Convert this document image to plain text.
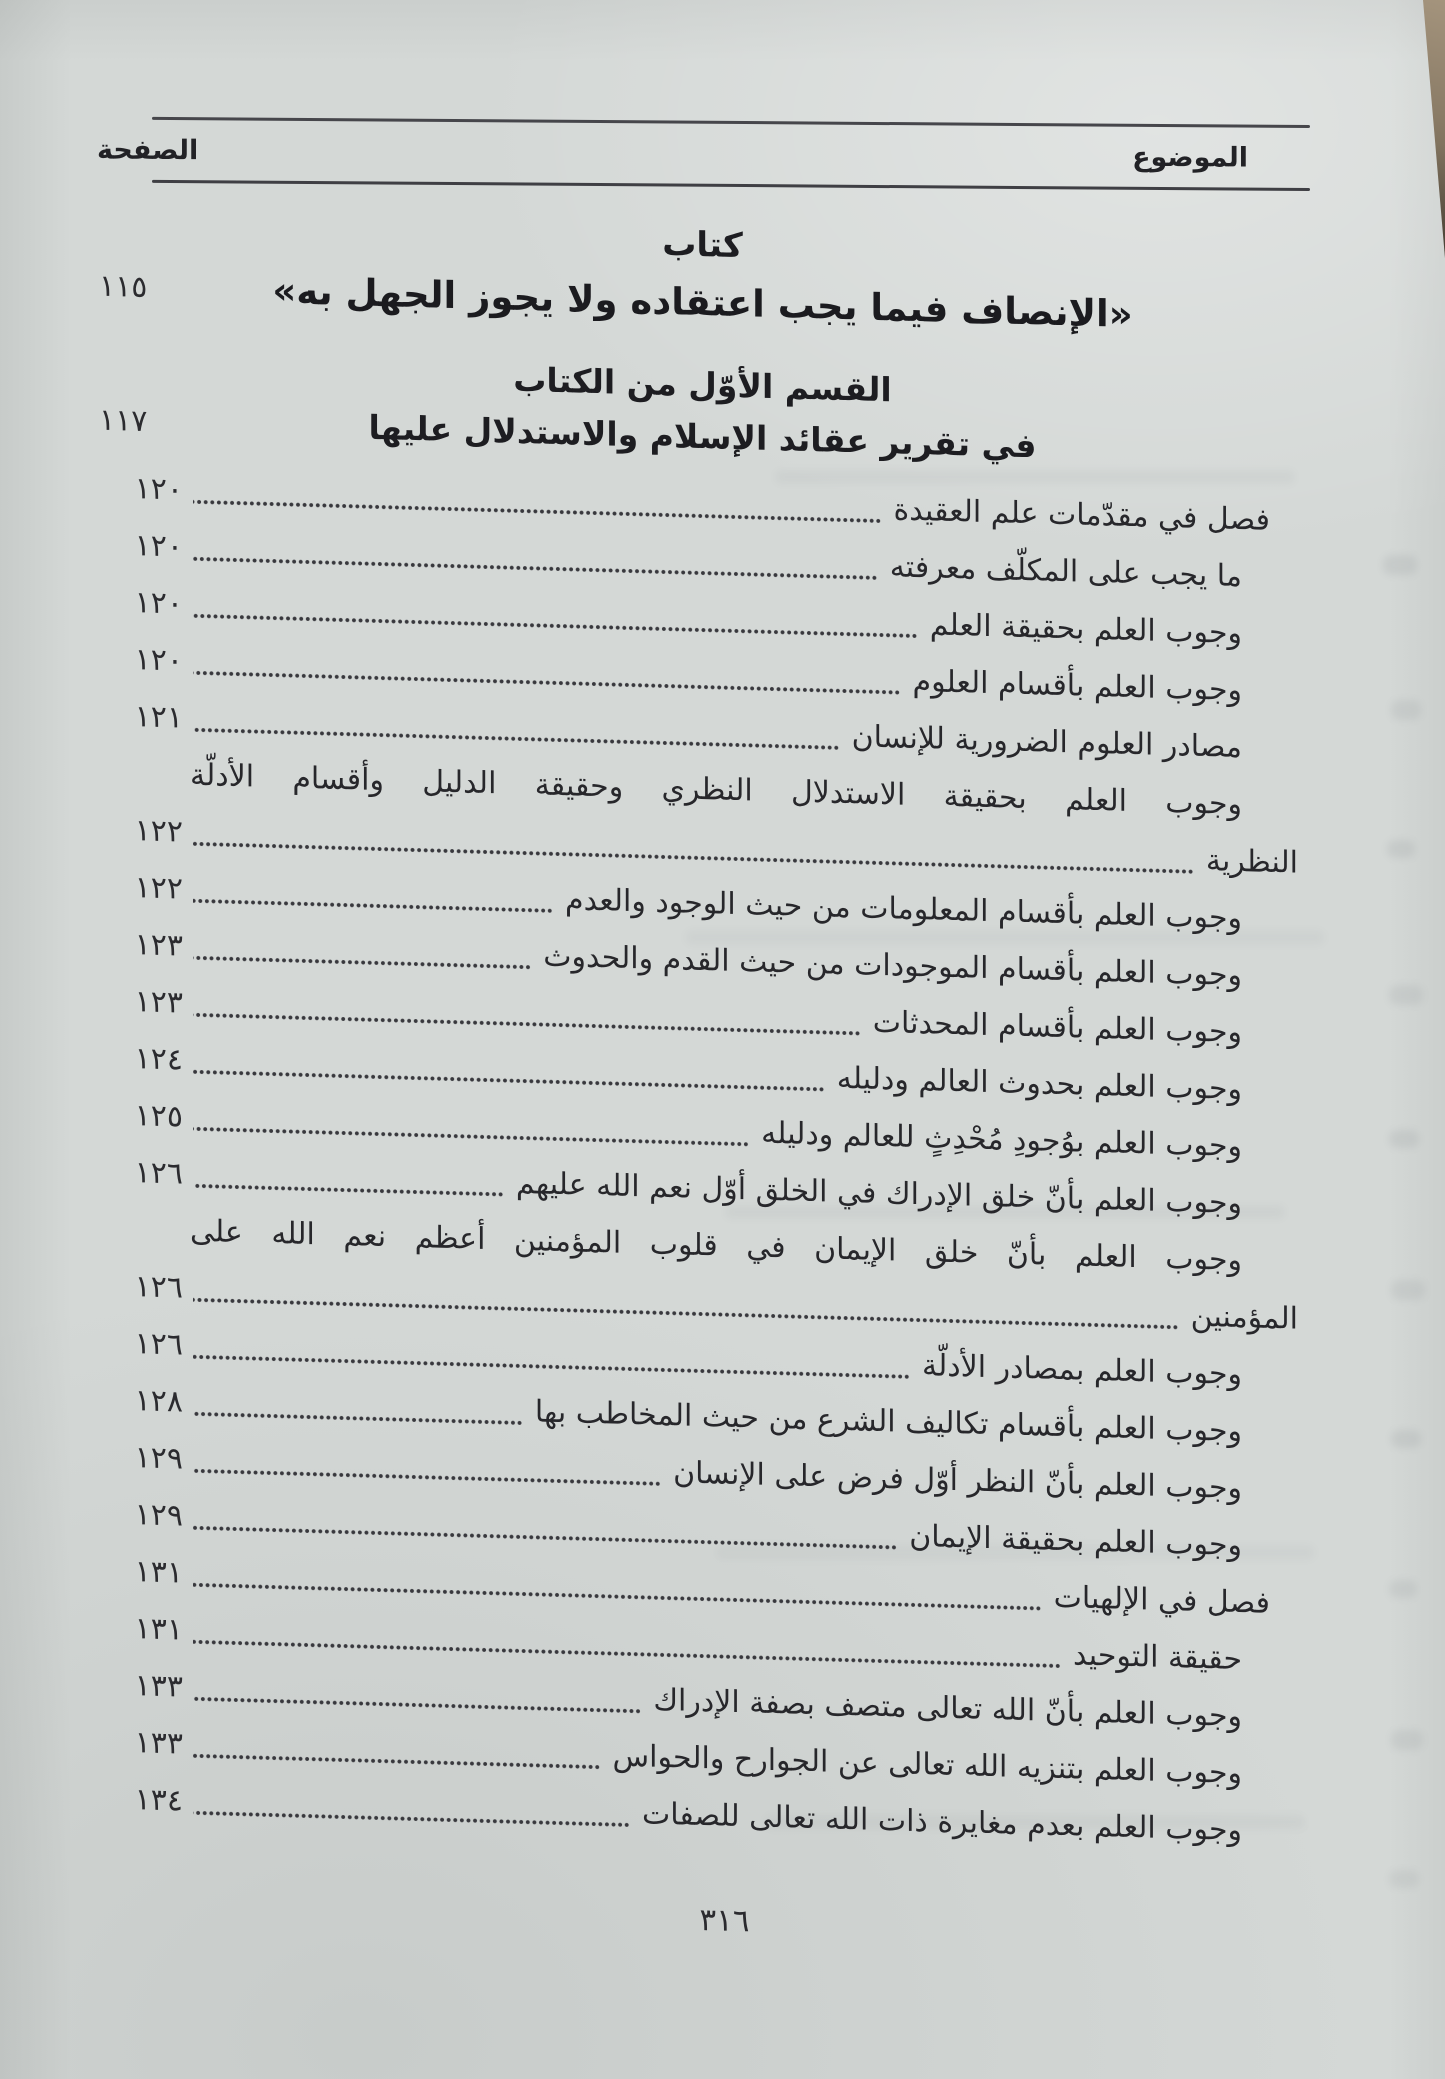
الموضوع
الصفحة
كتاب
«الإنصاف فيما يجب اعتقاده ولا يجوز الجهل به»
١١٥
القسم الأوّل من الكتاب
في تقرير عقائد الإسلام والاستدلال عليها
١١٧
فصل في مقدّمات علم العقيدة
١٢٠
ما يجب على المكلّف معرفته
١٢٠
وجوب العلم بحقيقة العلم
١٢٠
وجوب العلم بأقسام العلوم
١٢٠
مصادر العلوم الضرورية للإنسان
١٢١
وجوب العلم بحقيقة الاستدلال النظري وحقيقة الدليل وأقسام الأدلّة
النظرية
١٢٢
وجوب العلم بأقسام المعلومات من حيث الوجود والعدم
١٢٢
وجوب العلم بأقسام الموجودات من حيث القدم والحدوث
١٢٣
وجوب العلم بأقسام المحدثات
١٢٣
وجوب العلم بحدوث العالم ودليله
١٢٤
وجوب العلم بوُجودِ مُحْدِثٍ للعالم ودليله
١٢٥
وجوب العلم بأنّ خلق الإدراك في الخلق أوّل نعم الله عليهم
١٢٦
وجوب العلم بأنّ خلق الإيمان في قلوب المؤمنين أعظم نعم الله على
المؤمنين
١٢٦
وجوب العلم بمصادر الأدلّة
١٢٦
وجوب العلم بأقسام تكاليف الشرع من حيث المخاطب بها
١٢٨
وجوب العلم بأنّ النظر أوّل فرض على الإنسان
١٢٩
وجوب العلم بحقيقة الإيمان
١٢٩
فصل في الإلهيات
١٣١
حقيقة التوحيد
١٣١
وجوب العلم بأنّ الله تعالى متصف بصفة الإدراك
١٣٣
وجوب العلم بتنزيه الله تعالى عن الجوارح والحواس
١٣٣
وجوب العلم بعدم مغايرة ذات الله تعالى للصفات
١٣٤
٣١٦
